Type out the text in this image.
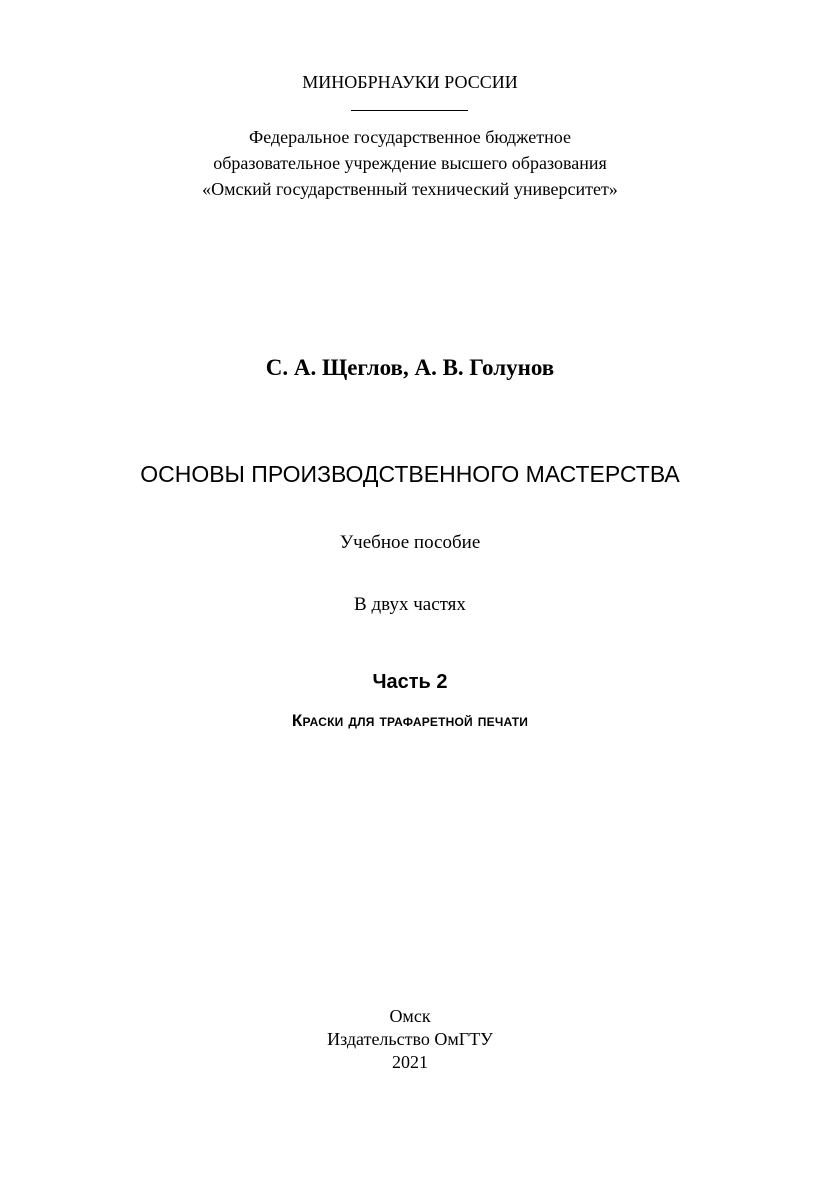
МИНОБРНАУКИ РОССИИ
Федеральное государственное бюджетное
образовательное учреждение высшего образования
«Омский государственный технический университет»
С. А. Щеглов, А. В. Голунов
ОСНОВЫ ПРОИЗВОДСТВЕННОГО МАСТЕРСТВА
Учебное пособие
В двух частях
Часть 2
Краски для трафаретной печати
Омск
Издательство ОмГТУ
2021
